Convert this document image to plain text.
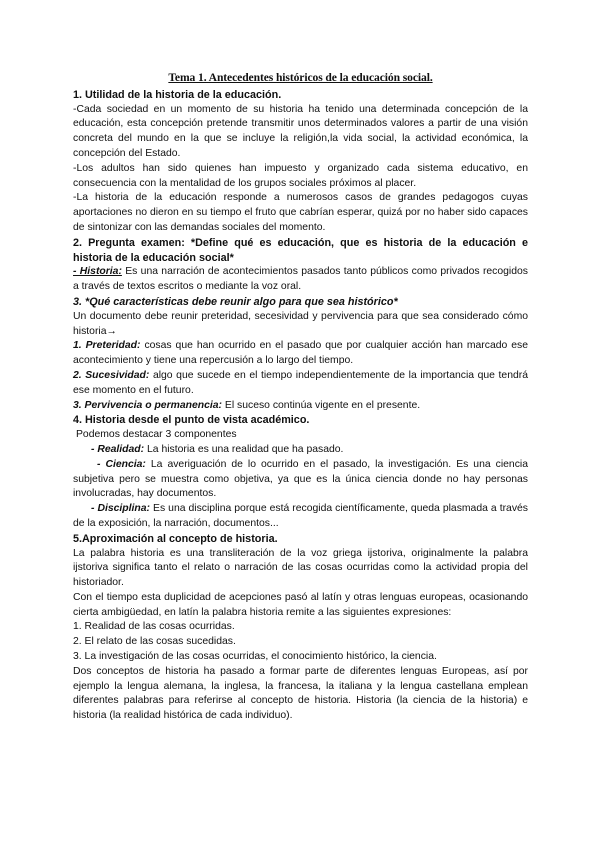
Tema 1. Antecedentes históricos de la educación social.
1. Utilidad de la historia de la educación.

-Cada sociedad en un momento de su historia ha tenido una determinada concepción de la educación, esta concepción pretende transmitir unos determinados valores a partir de una visión concreta del mundo en la que se incluye la religión,la vida social, la actividad económica, la concepción del Estado.

-Los adultos han sido quienes han impuesto y organizado cada sistema educativo, en consecuencia con la mentalidad de los grupos sociales próximos al placer.

-La historia de la educación responde a numerosos casos de grandes pedagogos cuyas aportaciones no dieron en su tiempo el fruto que cabrían esperar, quizá por no haber sido capaces de sintonizar con las demandas sociales del momento.

2. Pregunta examen: *Define qué es educación, que es historia de la educación e historia de la educación social*

- Historia: Es una narración de acontecimientos pasados tanto públicos como privados recogidos a través de textos escritos o mediante la voz oral.

3. *Qué características debe reunir algo para que sea histórico*

Un documento debe reunir preteridad, secesividad y pervivencia para que sea considerado cómo historia→

1. Preteridad: cosas que han ocurrido en el pasado que por cualquier acción han marcado ese acontecimiento y tiene una repercusión a lo largo del tiempo.

2. Sucesividad: algo que sucede en el tiempo independientemente de la importancia que tendrá ese momento en el futuro.

3. Pervivencia o permanencia: El suceso continúa vigente en el presente.

4. Historia desde el punto de vista académico.

Podemos destacar 3 componentes

- Realidad: La historia es una realidad que ha pasado.

- Ciencia: La averiguación de lo ocurrido en el pasado, la investigación. Es una ciencia subjetiva pero se muestra como objetiva, ya que es la única ciencia donde no hay personas involucradas, hay documentos.

- Disciplina: Es una disciplina porque está recogida científicamente, queda plasmada a través de la exposición, la narración, documentos...

5.Aproximación al concepto de historia.

La palabra historia es una transliteración de la voz griega ijstoriva, originalmente la palabra ijstoriva significa tanto el relato o narración de las cosas ocurridas como la actividad propia del historiador.

Con el tiempo esta duplicidad de acepciones pasó al latín y otras lenguas europeas, ocasionando cierta ambigüedad, en latín la palabra historia remite a las siguientes expresiones:

1. Realidad de las cosas ocurridas.

2. El relato de las cosas sucedidas.

3. La investigación de las cosas ocurridas, el conocimiento histórico, la ciencia.

Dos conceptos de historia ha pasado a formar parte de diferentes lenguas Europeas, así por ejemplo la lengua alemana, la inglesa, la francesa, la italiana y la lengua castellana emplean diferentes palabras para referirse al concepto de historia. Historia (la ciencia de la historia) e historia (la realidad histórica de cada individuo).
